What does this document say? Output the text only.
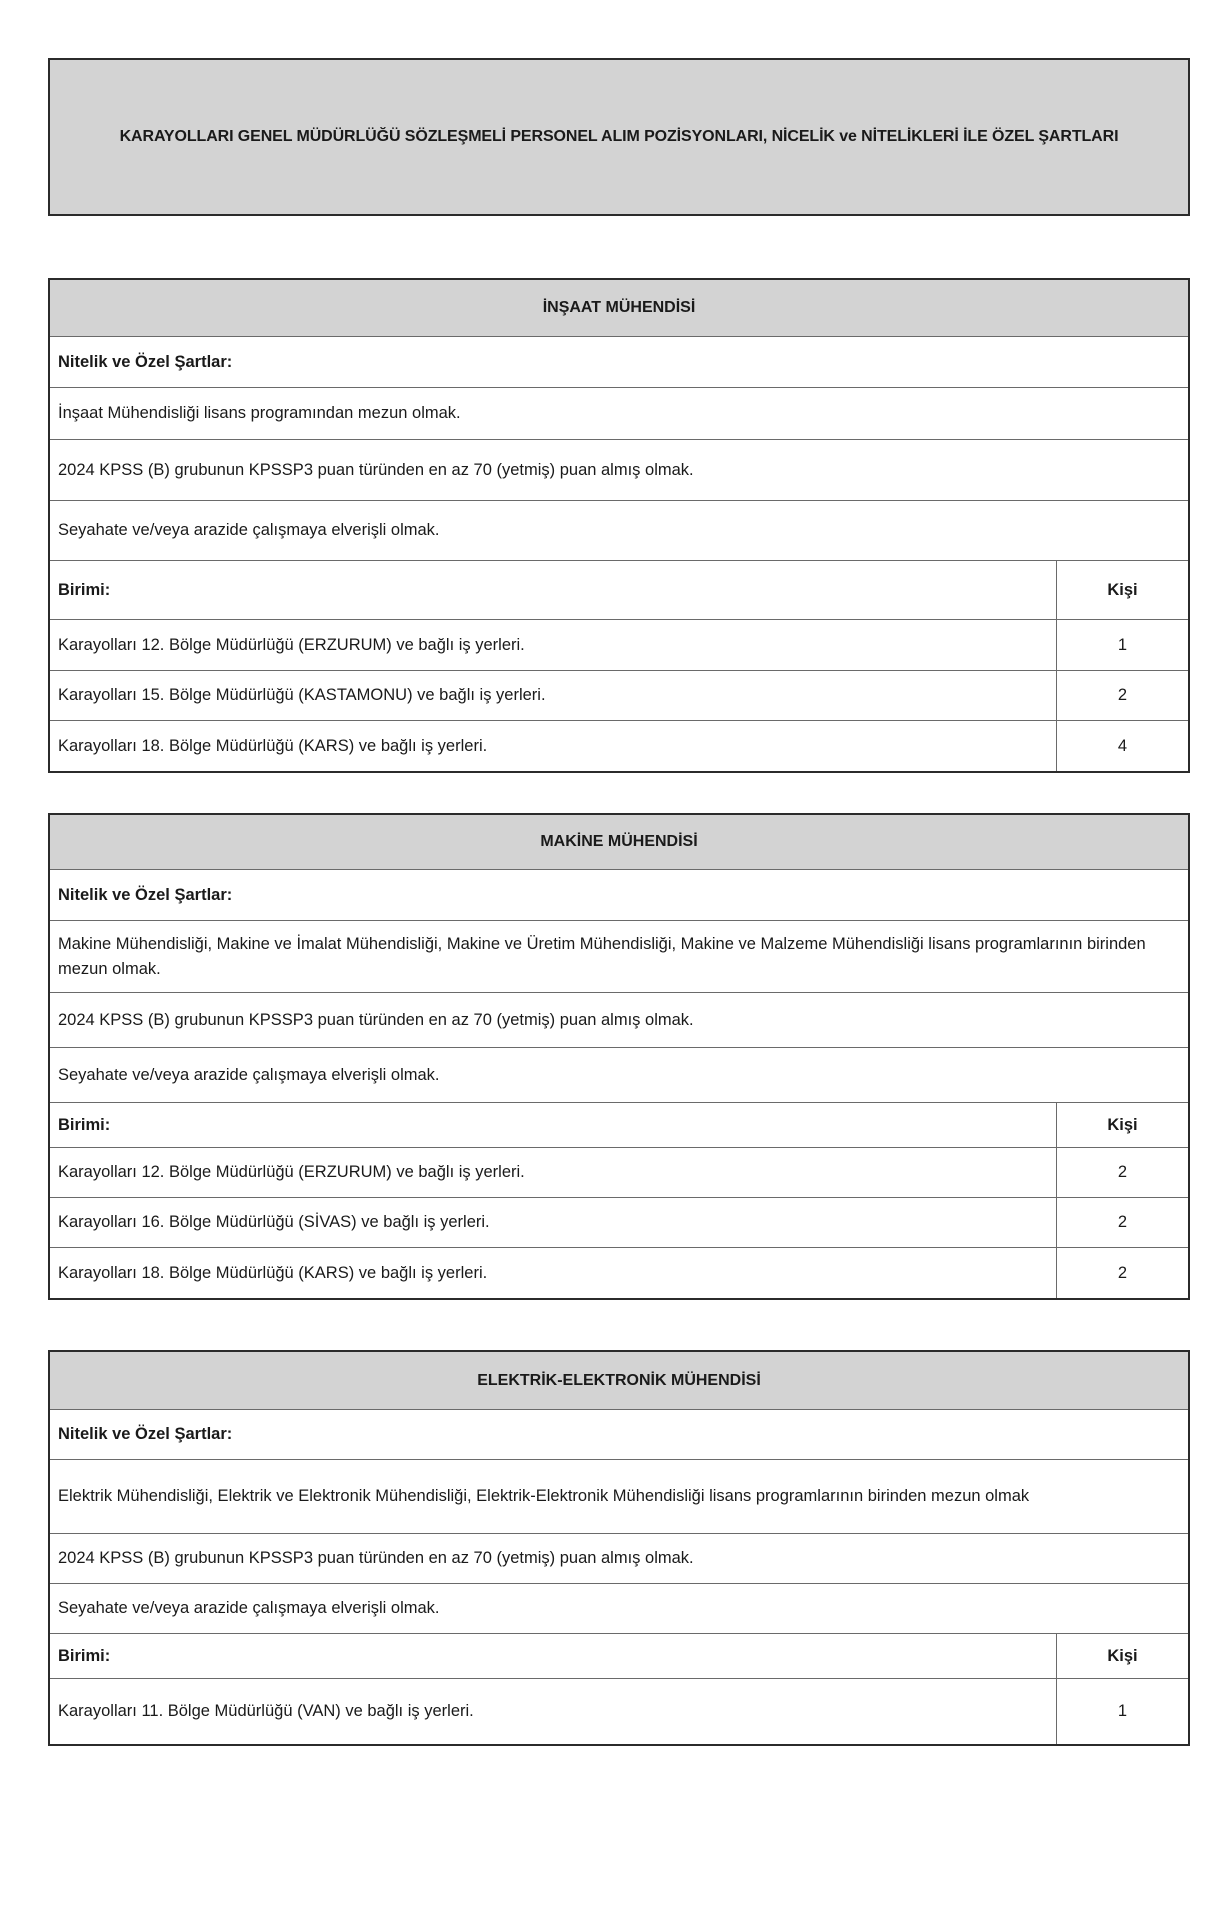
KARAYOLLARI GENEL MÜDÜRLÜĞÜ SÖZLEŞMELİ PERSONEL ALIM POZİSYONLARI, NİCELİK ve NİTELİKLERİ İLE ÖZEL ŞARTLARI
İNŞAAT MÜHENDİSİ
Nitelik ve Özel Şartlar:
İnşaat Mühendisliği lisans programından mezun olmak.
2024 KPSS (B) grubunun KPSSP3 puan türünden en az 70 (yetmiş) puan almış olmak.
Seyahate ve/veya arazide çalışmaya elverişli olmak.
Birimi:	Kişi
Karayolları 12. Bölge Müdürlüğü (ERZURUM) ve bağlı iş yerleri.	1
Karayolları 15. Bölge Müdürlüğü (KASTAMONU) ve bağlı iş yerleri.	2
Karayolları 18. Bölge Müdürlüğü (KARS) ve bağlı iş yerleri.	4
MAKİNE MÜHENDİSİ
Nitelik ve Özel Şartlar:
Makine Mühendisliği, Makine ve İmalat Mühendisliği, Makine ve Üretim Mühendisliği, Makine ve Malzeme Mühendisliği lisans programlarının birinden mezun olmak.
2024 KPSS (B) grubunun KPSSP3 puan türünden en az 70 (yetmiş) puan almış olmak.
Seyahate ve/veya arazide çalışmaya elverişli olmak.
Birimi:	Kişi
Karayolları 12. Bölge Müdürlüğü (ERZURUM) ve bağlı iş yerleri.	2
Karayolları 16. Bölge Müdürlüğü (SİVAS) ve bağlı iş yerleri.	2
Karayolları 18. Bölge Müdürlüğü (KARS) ve bağlı iş yerleri.	2
ELEKTRİK-ELEKTRONİK MÜHENDİSİ
Nitelik ve Özel Şartlar:
Elektrik Mühendisliği, Elektrik ve Elektronik Mühendisliği, Elektrik-Elektronik Mühendisliği lisans programlarının birinden mezun olmak
2024 KPSS (B) grubunun KPSSP3 puan türünden en az 70 (yetmiş) puan almış olmak.
Seyahate ve/veya arazide çalışmaya elverişli olmak.
Birimi:	Kişi
Karayolları 11. Bölge Müdürlüğü (VAN) ve bağlı iş yerleri.	1
